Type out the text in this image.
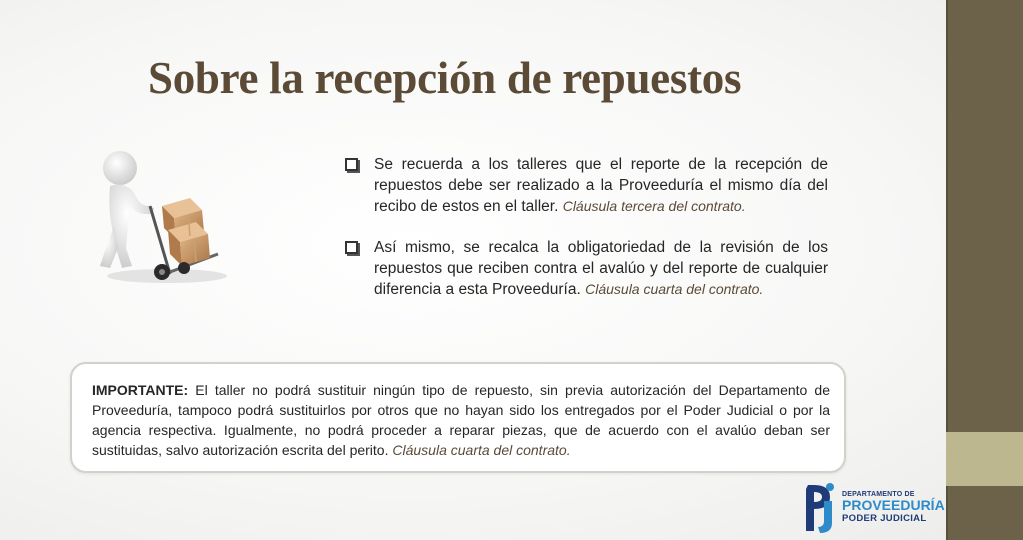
Sobre la recepción de repuestos
Se recuerda a los talleres que el reporte de la recepción de repuestos debe ser realizado a la Proveeduría el mismo día del recibo de estos en el taller. Cláusula tercera del contrato.
Así mismo, se recalca la obligatoriedad de la revisión de los repuestos que reciben contra el avalúo y del reporte de cualquier diferencia a esta Proveeduría. Cláusula cuarta del contrato.
IMPORTANTE: El taller no podrá sustituir ningún tipo de repuesto, sin previa autorización del Departamento de Proveeduría, tampoco podrá sustituirlos por otros que no hayan sido los entregados por el Poder Judicial o por la agencia respectiva. Igualmente, no podrá proceder a reparar piezas, que de acuerdo con el avalúo deban ser sustituidas, salvo autorización escrita del perito. Cláusula cuarta del contrato.
DEPARTAMENTO DE
PROVEEDURÍA
PODER JUDICIAL
